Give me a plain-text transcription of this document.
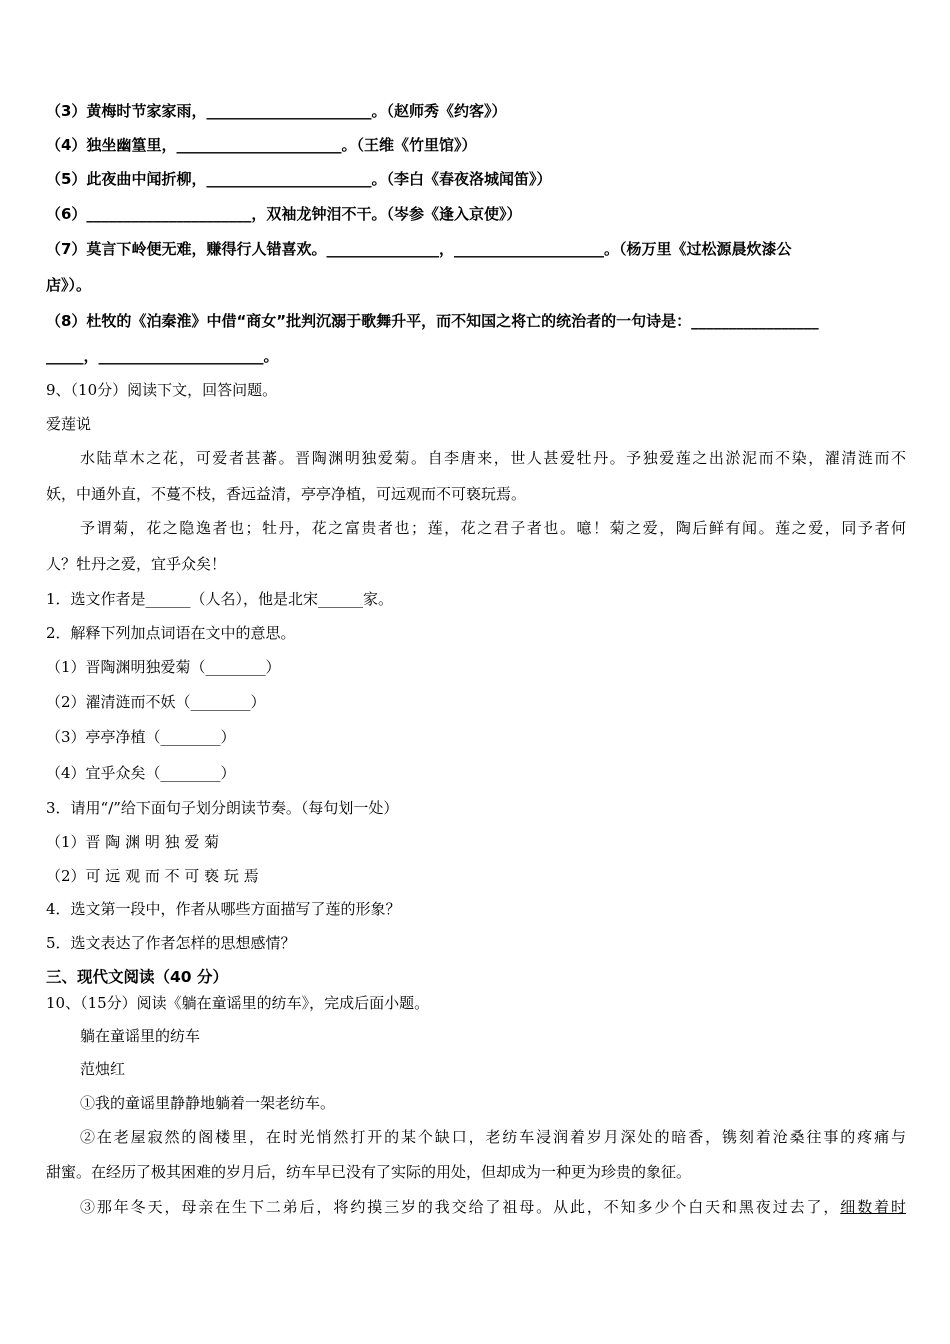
（3）黄梅时节家家雨，______________________。（赵师秀《约客》）
（4）独坐幽篁里，______________________。（王维《竹里馆》）
（5）此夜曲中闻折柳，______________________。（李白《春夜洛城闻笛》）
（6）______________________，双袖龙钟泪不干。（岑参《逢入京使》）
（7）莫言下岭便无难，赚得行人错喜欢。_______________，____________________。（杨万里《过松源晨炊漆公
店》）。
（8）杜牧的《泊秦淮》中借“商女”批判沉溺于歌舞升平，而不知国之将亡的统治者的一句诗是：_________________
_____，______________________。
9、（10分）阅读下文，回答问题。
爱莲说
水陆草木之花，可爱者甚蕃。晋陶渊明独爱菊。自李唐来，世人甚爱牡丹。予独爱莲之出淤泥而不染，濯清涟而不
妖，中通外直，不蔓不枝，香远益清，亭亭净植，可远观而不可亵玩焉。
予谓菊，花之隐逸者也；牡丹，花之富贵者也；莲，花之君子者也。噫！菊之爱，陶后鲜有闻。莲之爱，同予者何
人？牡丹之爱，宜乎众矣！
1．选文作者是______（人名），他是北宋______家。
2．解释下列加点词语在文中的意思。
（1）晋陶渊明独爱菊（________）
（2）濯清涟而不妖（________）
（3）亭亭净植（________）
（4）宜乎众矣（________）
3．请用“/”给下面句子划分朗读节奏。（每句划一处）
（1）晋 陶 渊 明 独 爱 菊
（2）可 远 观 而 不 可 亵 玩 焉
4．选文第一段中，作者从哪些方面描写了莲的形象？
5．选文表达了作者怎样的思想感情？
三、现代文阅读（40 分）
10、（15分）阅读《躺在童谣里的纺车》，完成后面小题。
躺在童谣里的纺车
范烛红
①我的童谣里静静地躺着一架老纺车。
②在老屋寂然的阁楼里，在时光悄然打开的某个缺口，老纺车浸润着岁月深处的暗香，镌刻着沧桑往事的疼痛与
甜蜜。在经历了极其困难的岁月后，纺车早已没有了实际的用处，但却成为一种更为珍贵的象征。
③那年冬天，母亲在生下二弟后，将约摸三岁的我交给了祖母。从此，不知多少个白天和黑夜过去了，细数着时
